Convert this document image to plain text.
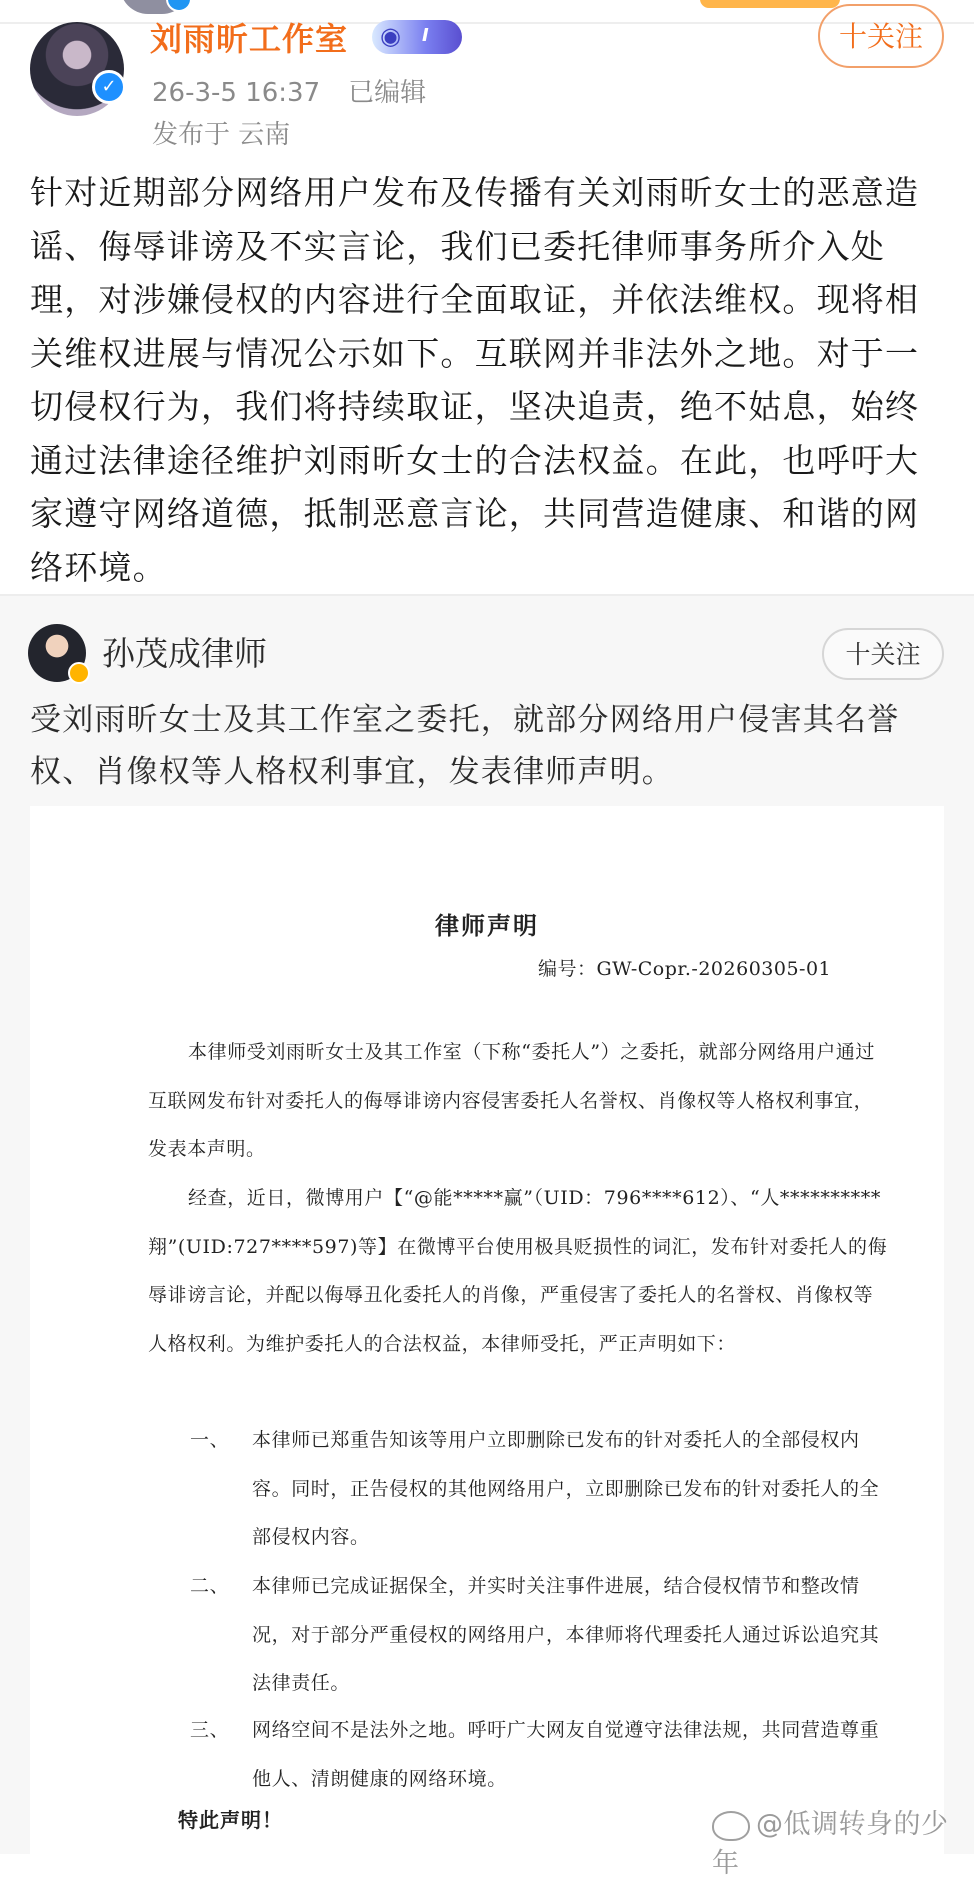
✓
刘雨昕工作室 ◉ I	十关注
26-3-5 16:37 已编辑
发布于 云南
针对近期部分网络用户发布及传播有关刘雨昕女士的恶意造谣、侮辱诽谤及不实言论，我们已委托律师事务所介入处理，对涉嫌侵权的内容进行全面取证，并依法维权。现将相关维权进展与情况公示如下。互联网并非法外之地。对于一切侵权行为，我们将持续取证，坚决追责，绝不姑息，始终通过法律途径维护刘雨昕女士的合法权益。在此，也呼吁大家遵守网络道德，抵制恶意言论，共同营造健康、和谐的网络环境。
孙茂成律师	十关注
受刘雨昕女士及其工作室之委托，就部分网络用户侵害其名誉权、肖像权等人格权利事宜，发表律师声明。
律师声明
编号：GW-Copr.-20260305-01
本律师受刘雨昕女士及其工作室（下称“委托人”）之委托，就部分网络用户通过互联网发布针对委托人的侮辱诽谤内容侵害委托人名誉权、肖像权等人格权利事宜，发表本声明。
经查，近日，微博用户【“@能*****赢”（UID：796****612）、“人**********翔”(UID:727****597)等】在微博平台使用极具贬损性的词汇，发布针对委托人的侮辱诽谤言论，并配以侮辱丑化委托人的肖像，严重侵害了委托人的名誉权、肖像权等人格权利。为维护委托人的合法权益，本律师受托，严正声明如下：
一、 本律师已郑重告知该等用户立即删除已发布的针对委托人的全部侵权内容。同时，正告侵权的其他网络用户，立即删除已发布的针对委托人的全部侵权内容。
二、 本律师已完成证据保全，并实时关注事件进展，结合侵权情节和整改情况，对于部分严重侵权的网络用户，本律师将代理委托人通过诉讼追究其法律责任。
三、 网络空间不是法外之地。呼吁广大网友自觉遵守法律法规，共同营造尊重他人、清朗健康的网络环境。
特此声明！	@低调转身的少年
